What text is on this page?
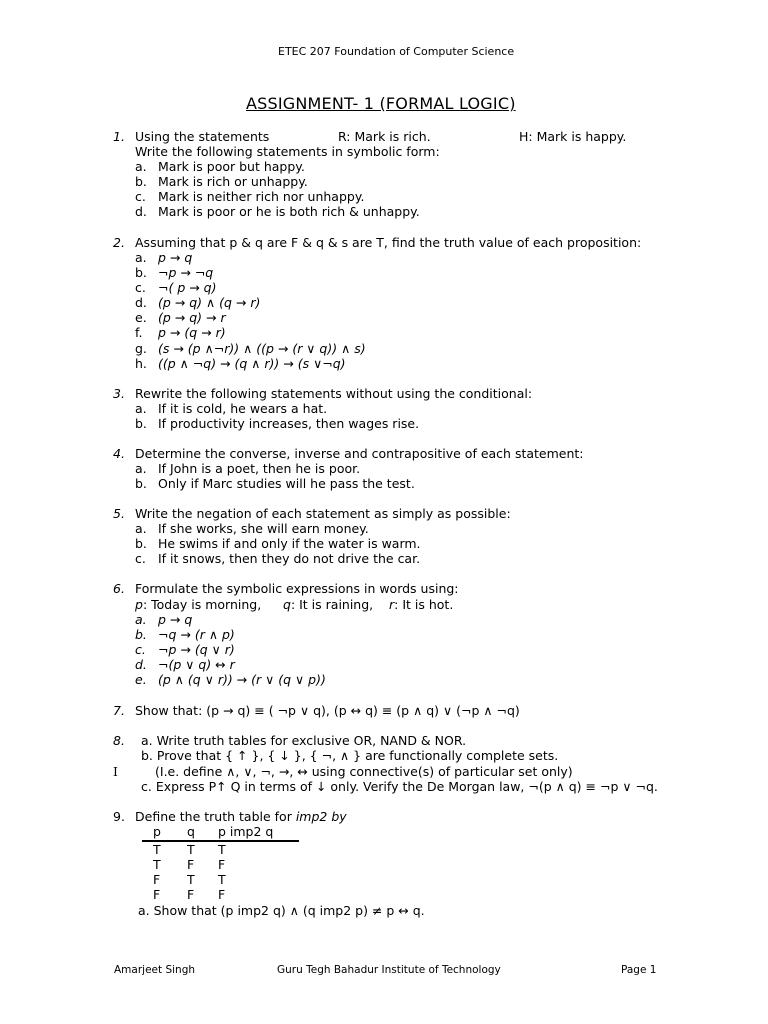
ETEC 207 Foundation of Computer Science
ASSIGNMENT- 1 (FORMAL LOGIC)
1. Using the statements	R: Mark is rich.	H: Mark is happy.
Write the following statements in symbolic form:
a. Mark is poor but happy.
b. Mark is rich or unhappy.
c. Mark is neither rich nor unhappy.
d. Mark is poor or he is both rich & unhappy.
2. Assuming that p & q are F & q & s are T, find the truth value of each proposition:
a. p → q
b. ¬p → ¬q
c. ¬( p → q)
d. (p → q) ∧ (q → r)
e. (p → q) → r
f. p → (q → r)
g. (s → (p ∧¬r)) ∧ ((p → (r ∨ q)) ∧ s)
h. ((p ∧ ¬q) → (q ∧ r)) → (s ∨¬q)
3. Rewrite the following statements without using the conditional:
a. If it is cold, he wears a hat.
b. If productivity increases, then wages rise.
4. Determine the converse, inverse and contrapositive of each statement:
a. If John is a poet, then he is poor.
b. Only if Marc studies will he pass the test.
5. Write the negation of each statement as simply as possible:
a. If she works, she will earn money.
b. He swims if and only if the water is warm.
c. If it snows, then they do not drive the car.
6. Formulate the symbolic expressions in words using:
p: Today is morning, q: It is raining, r: It is hot.
a. p → q
b. ¬q → (r ∧ p)
c. ¬p → (q ∨ r)
d. ¬(p ∨ q) ↔ r
e. (p ∧ (q ∨ r)) → (r ∨ (q ∨ p))
7. Show that: (p → q) ≡ ( ¬p ∨ q), (p ↔ q) ≡ (p ∧ q) ∨ (¬p ∧ ¬q)
8. a. Write truth tables for exclusive OR, NAND & NOR.
b. Prove that { ↑ }, { ↓ }, { ¬, ∧ } are functionally complete sets.
I	(I.e. define ∧, ∨, ¬, →, ↔ using connective(s) of particular set only)
c. Express P↑ Q in terms of ↓ only. Verify the De Morgan law, ¬(p ∧ q) ≡ ¬p ∨ ¬q.
9. Define the truth table for imp2 by
p q p imp2 q
T T T
T F F
F T T
F F F
a. Show that (p imp2 q) ∧ (q imp2 p) ≠ p ↔ q.
Amarjeet Singh	Guru Tegh Bahadur Institute of Technology	Page 1
